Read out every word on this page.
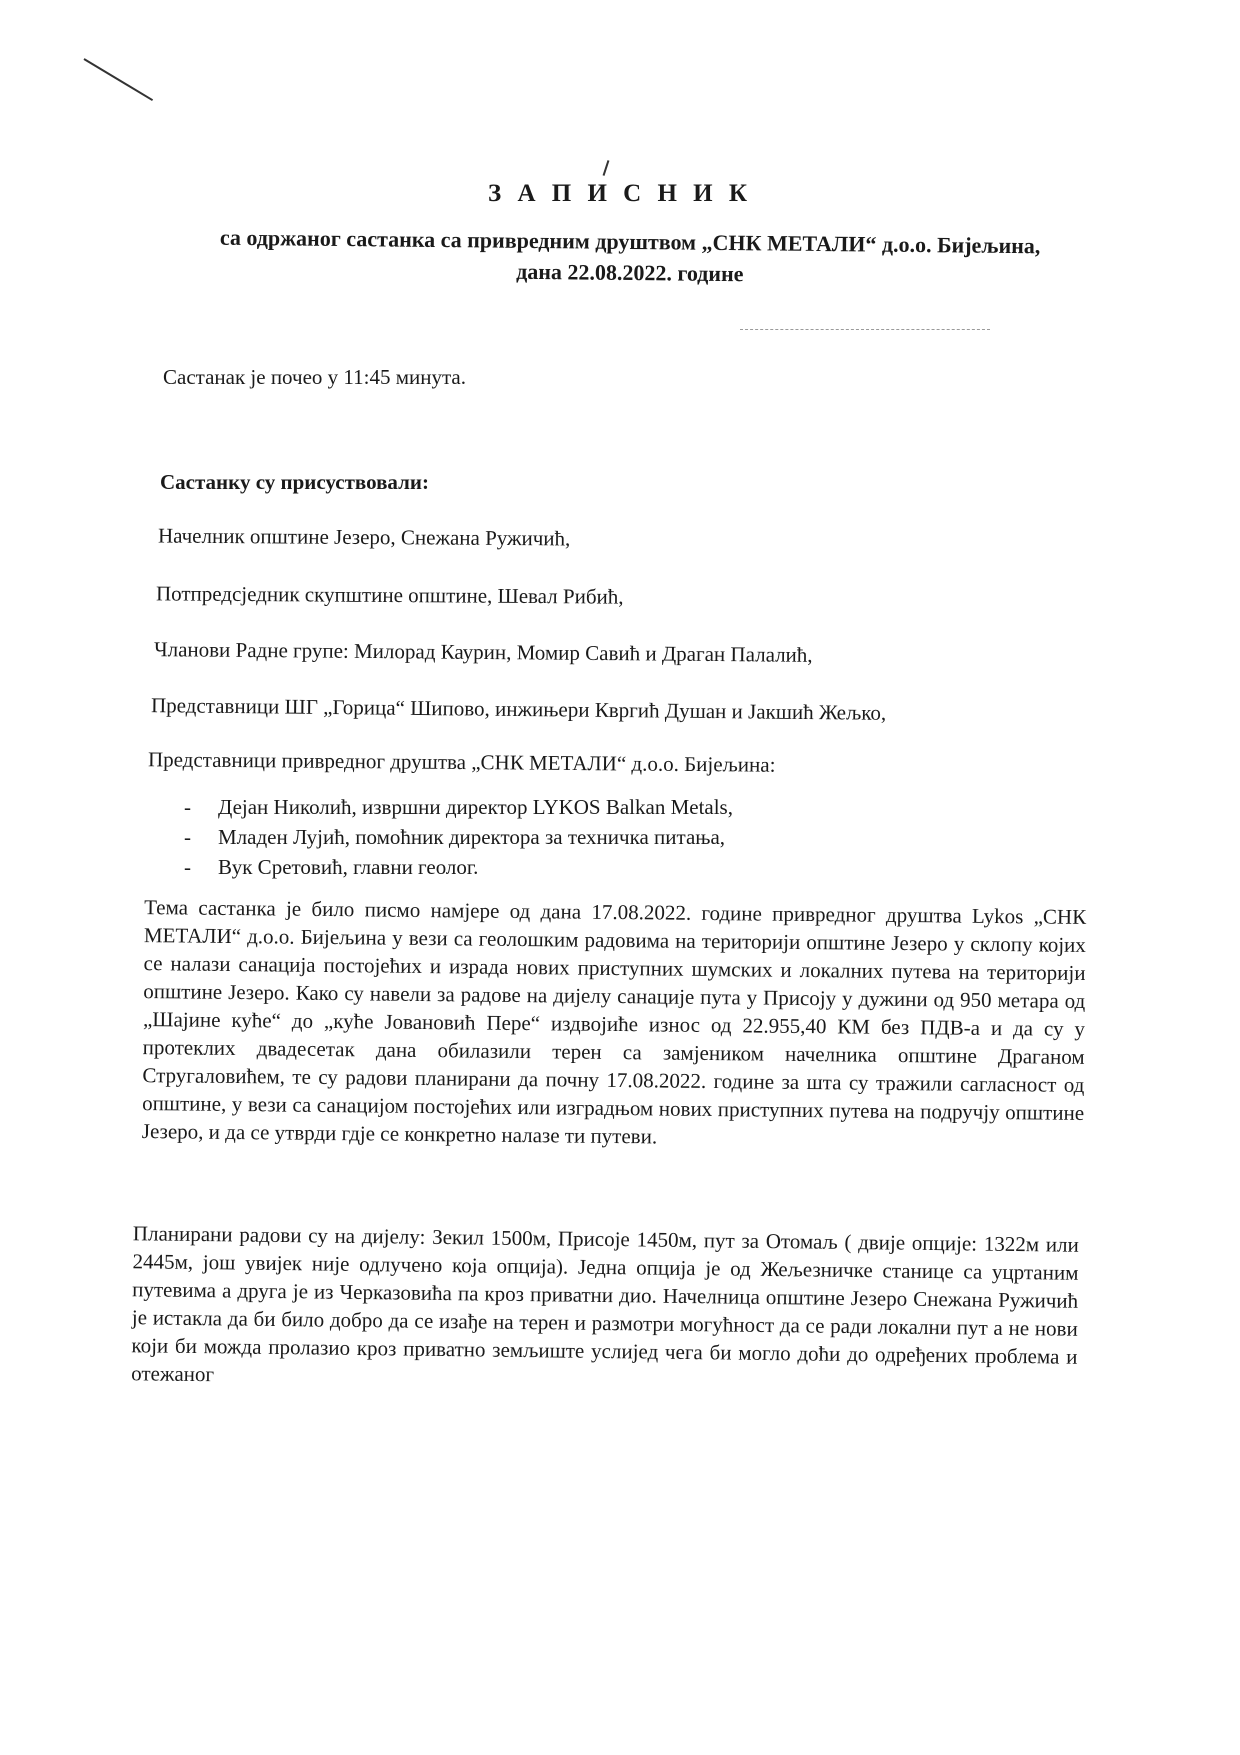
З А П И С Н И К
са одржаног састанка са привредним друштвом „СНК МЕТАЛИ“ д.о.о. Бијељина,
дана 22.08.2022. године
Састанак је почео у 11:45 минута.
Састанку су присуствовали:
Начелник општине Језеро, Снежана Ружичић,
Потпредсједник скупштине општине, Шевал Рибић,
Чланови Радне групе: Милорад Каурин, Момир Савић и Драган Палалић,
Представници ШГ „Горица“ Шипово, инжињери Квргић Душан и Јакшић Жељко,
Представници привредног друштва „СНК МЕТАЛИ“ д.о.о. Бијељина:
- Дејан Николић, извршни директор LYKOS Balkan Metals,
- Младен Лујић, помоћник директора за техничка питања,
- Вук Сретовић, главни геолог.
Тема састанка је било писмо намјере од дана 17.08.2022. године привредног друштва Lykos „СНК МЕТАЛИ“ д.о.о. Бијељина у вези са геолошким радовима на територији општине Језеро у склопу којих се налази санација постојећих и израда нових приступних шумских и локалних путева на територији општине Језеро. Како су навели за радове на дијелу санације пута у Присоју у дужини од 950 метара од „Шајине куће“ до „куће Јовановић Пере“ издвојиће износ од 22.955,40 КМ без ПДВ-а и да су у протеклих двадесетак дана обилазили терен са замјеником начелника општине Драганом Стругаловићем, те су радови планирани да почну 17.08.2022. године за шта су тражили сагласност од општине, у вези са санацијом постојећих или изградњом нових приступних путева на подручју општине Језеро, и да се утврди гдје се конкретно налазе ти путеви.
Планирани радови су на дијелу: Зекил 1500м, Присоје 1450м, пут за Отомаљ ( двије опције: 1322м или 2445м, још увијек није одлучено која опција). Једна опција је од Жељезничке станице са уцртаним путевима а друга је из Черказовића па кроз приватни дио. Начелница општине Језеро Снежана Ружичић је истакла да би било добро да се изађе на терен и размотри могућност да се ради локални пут а не нови који би можда пролазио кроз приватно земљиште услијед чега би могло доћи до одређених проблема и отежаног
